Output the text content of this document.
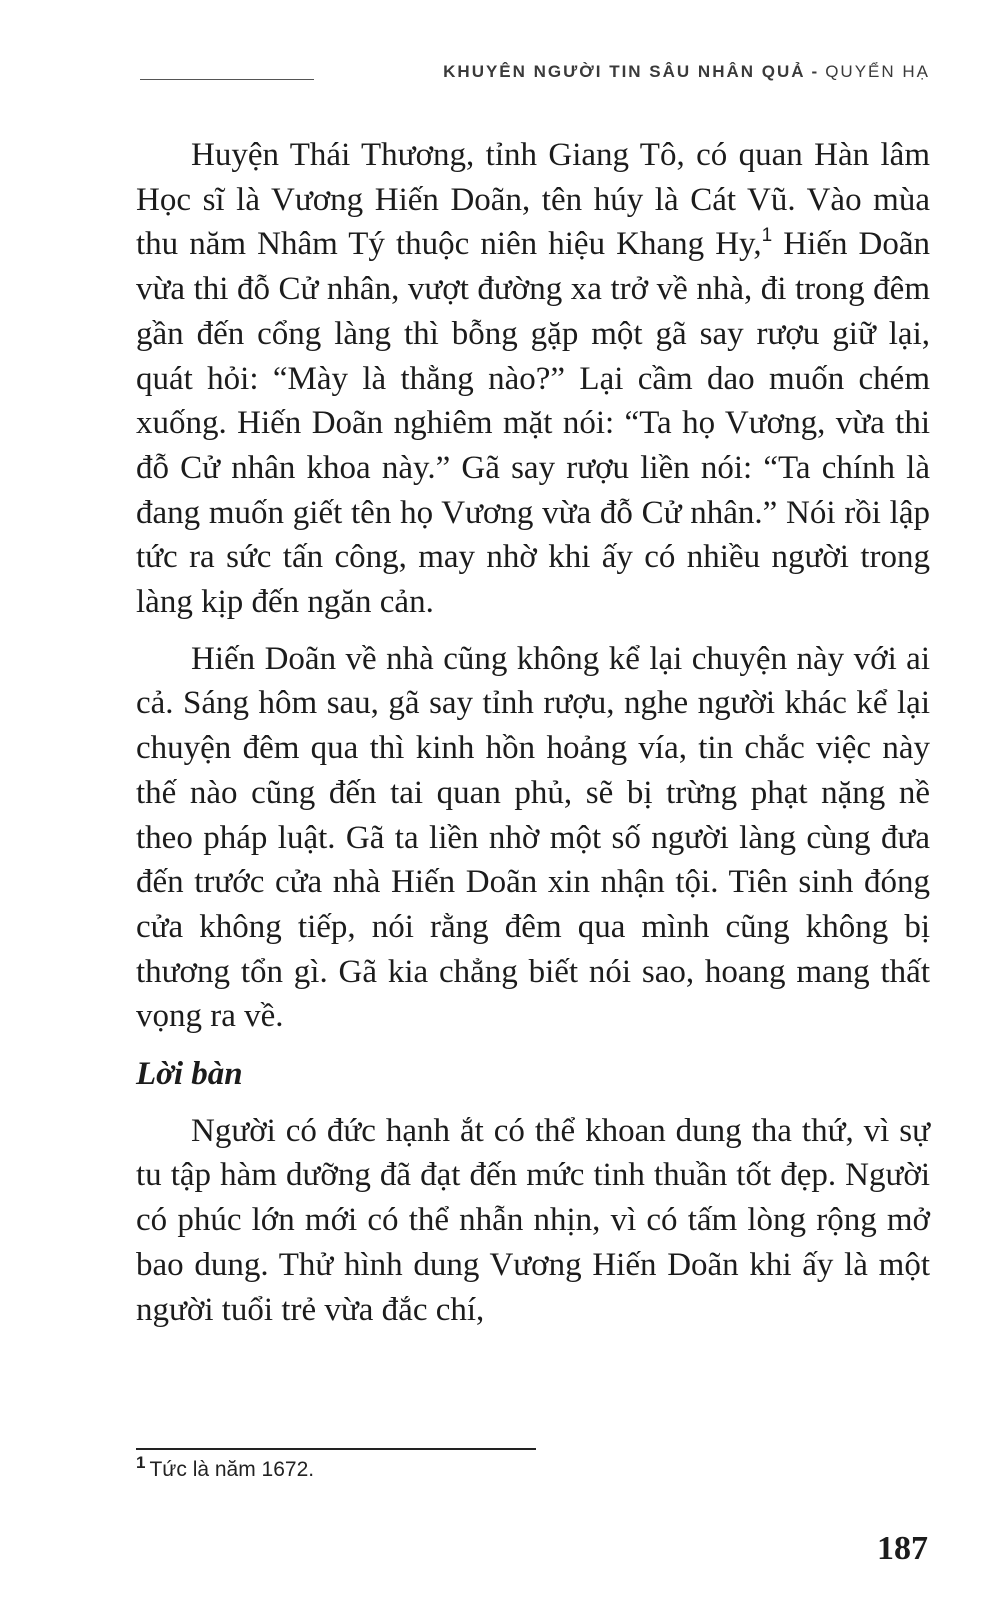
KHUYÊN NGƯỜI TIN SÂU NHÂN QUẢ - QUYỂN HẠ

Huyện Thái Thương, tỉnh Giang Tô, có quan Hàn lâm Học sĩ là Vương Hiến Doãn, tên húy là Cát Vũ. Vào mùa thu năm Nhâm Tý thuộc niên hiệu Khang Hy,$^1$ Hiến Doãn vừa thi đỗ Cử nhân, vượt đường xa trở về nhà, đi trong đêm gần đến cổng làng thì bỗng gặp một gã say rượu giữ lại, quát hỏi: “Mày là thằng nào?” Lại cầm dao muốn chém xuống. Hiến Doãn nghiêm mặt nói: “Ta họ Vương, vừa thi đỗ Cử nhân khoa này.” Gã say rượu liền nói: “Ta chính là đang muốn giết tên họ Vương vừa đỗ Cử nhân.” Nói rồi lập tức ra sức tấn công, may nhờ khi ấy có nhiều người trong làng kịp đến ngăn cản.

Hiến Doãn về nhà cũng không kể lại chuyện này với ai cả. Sáng hôm sau, gã say tỉnh rượu, nghe người khác kể lại chuyện đêm qua thì kinh hồn hoảng vía, tin chắc việc này thế nào cũng đến tai quan phủ, sẽ bị trừng phạt nặng nề theo pháp luật. Gã ta liền nhờ một số người làng cùng đưa đến trước cửa nhà Hiến Doãn xin nhận tội. Tiên sinh đóng cửa không tiếp, nói rằng đêm qua mình cũng không bị thương tổn gì. Gã kia chẳng biết nói sao, hoang mang thất vọng ra về.

Lời bàn

Người có đức hạnh ắt có thể khoan dung tha thứ, vì sự tu tập hàm dưỡng đã đạt đến mức tinh thuần tốt đẹp. Người có phúc lớn mới có thể nhẫn nhịn, vì có tấm lòng rộng mở bao dung. Thử hình dung Vương Hiến Doãn khi ấy là một người tuổi trẻ vừa đắc chí,

$^1$ Tức là năm 1672.
187
